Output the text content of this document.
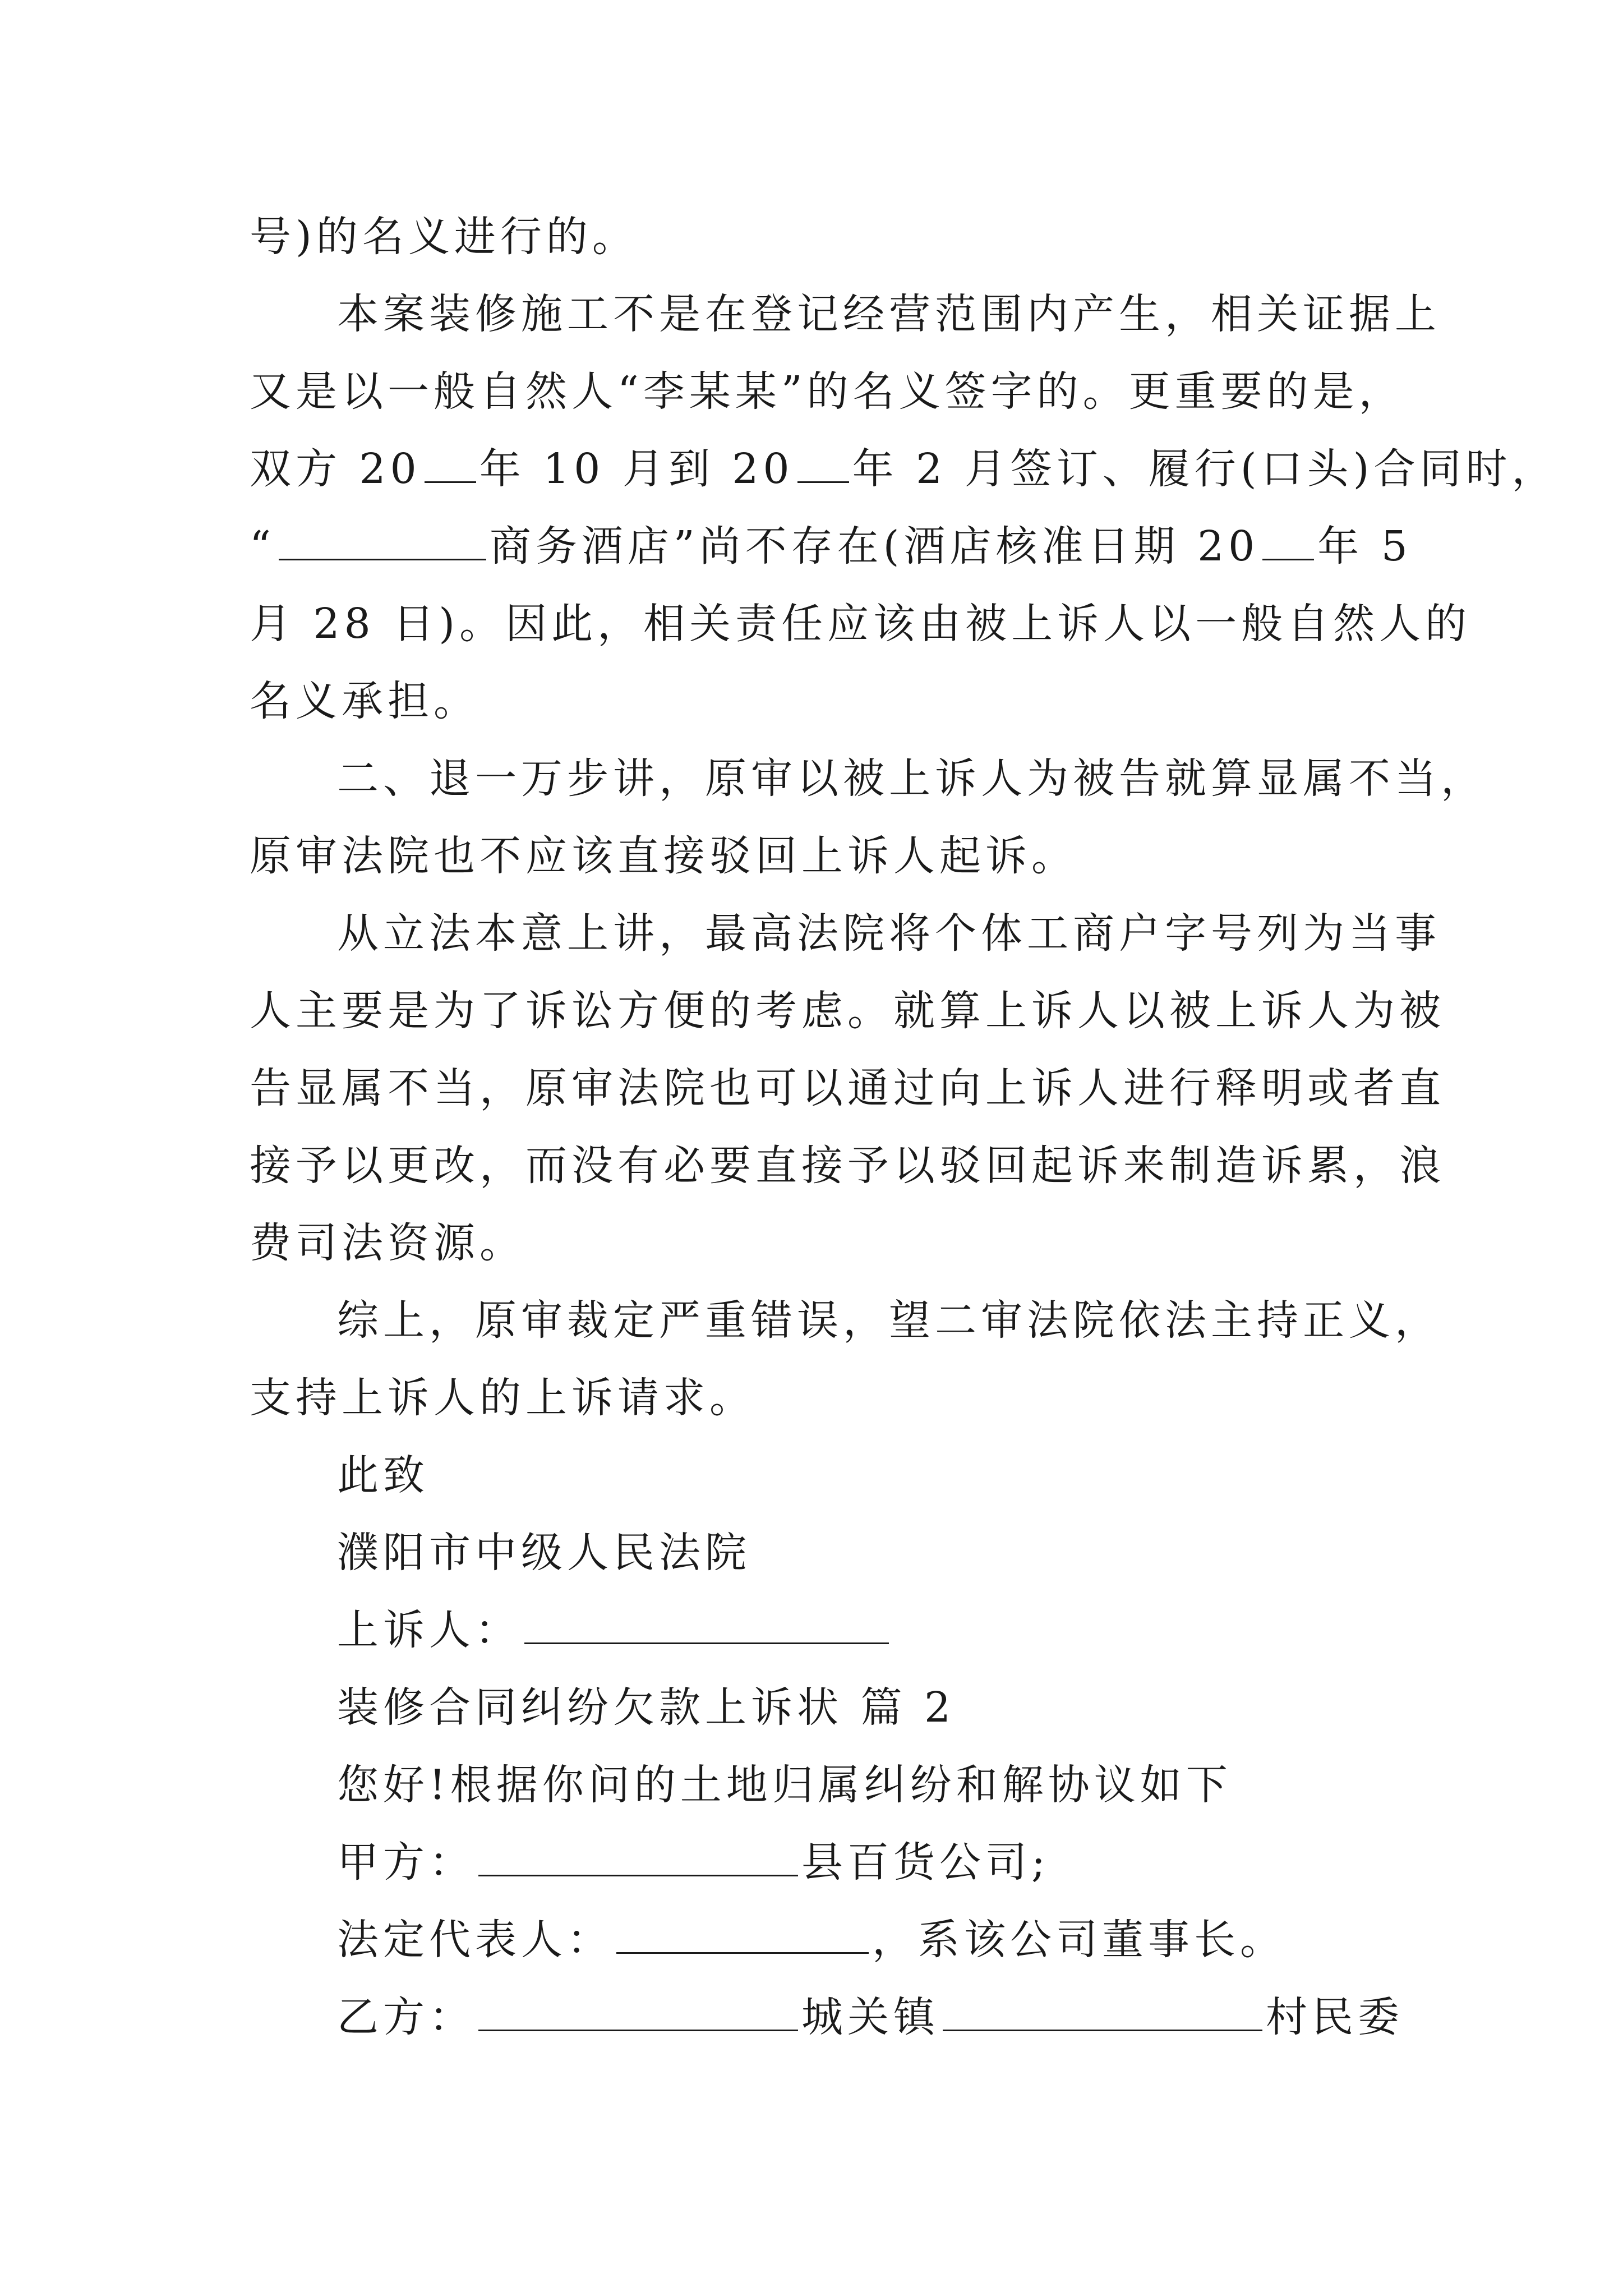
号)的名义进行的。
本案装修施工不是在登记经营范围内产生，相关证据上
又是以一般自然人“李某某”的名义签字的。更重要的是，
双方 20 年 10 月到 20 年 2 月签订、履行(口头)合同时，
“	商务酒店”尚不存在(酒店核准日期 20 年 5
月 28 日)。因此，相关责任应该由被上诉人以一般自然人的
名义承担。
二、退一万步讲，原审以被上诉人为被告就算显属不当，
原审法院也不应该直接驳回上诉人起诉。
从立法本意上讲，最高法院将个体工商户字号列为当事
人主要是为了诉讼方便的考虑。就算上诉人以被上诉人为被
告显属不当，原审法院也可以通过向上诉人进行释明或者直
接予以更改，而没有必要直接予以驳回起诉来制造诉累，浪
费司法资源。
综上，原审裁定严重错误，望二审法院依法主持正义，
支持上诉人的上诉请求。
此致
濮阳市中级人民法院
上诉人：
装修合同纠纷欠款上诉状 篇 2
您好!根据你问的土地归属纠纷和解协议如下
甲方：	县百货公司;
法定代表人：	，系该公司董事长。
乙方：	城关镇	村民委
